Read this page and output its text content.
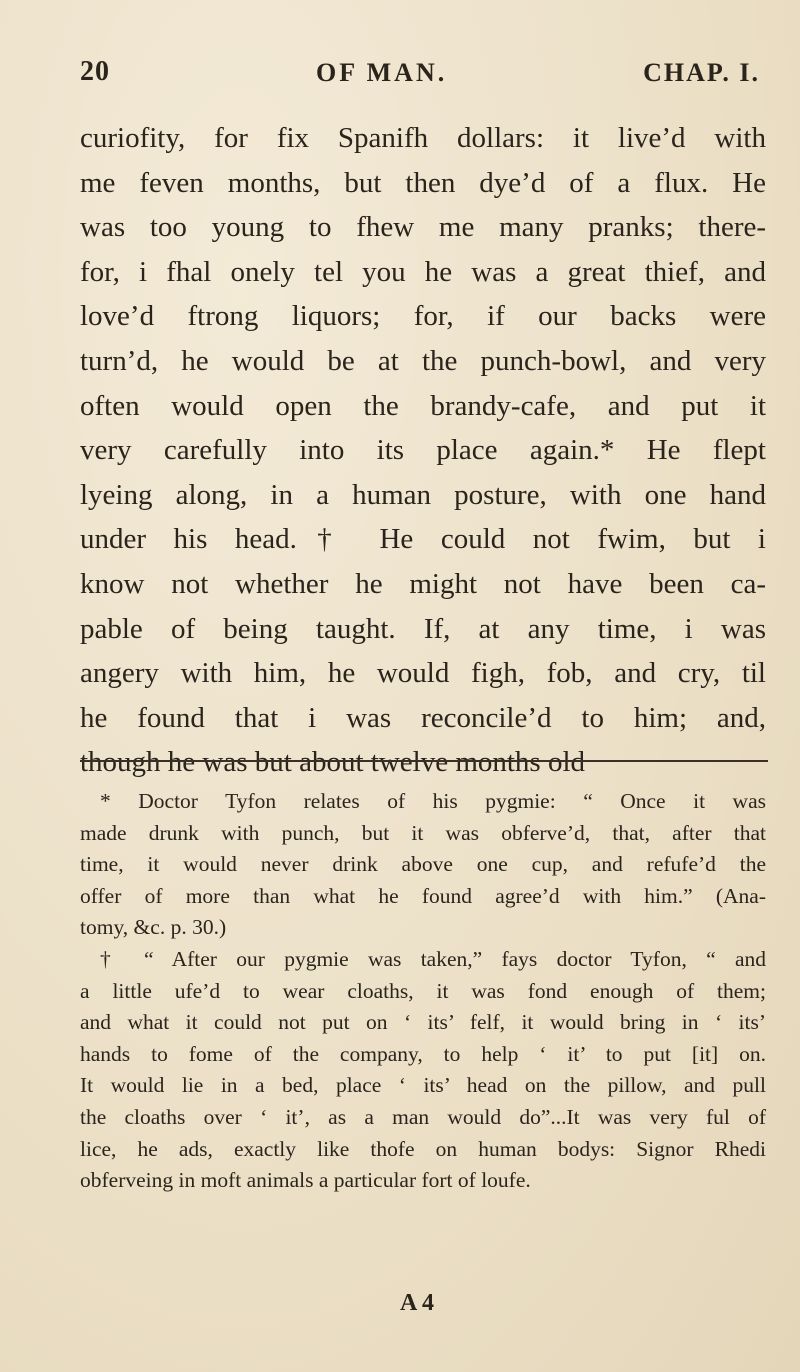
20	OF MAN.	CHAP. I.
curiofity, for fix Spanifh dollars: it live’d with
me feven months, but then dye’d of a flux. He
was too young to fhew me many pranks; there-
for, i fhal onely tel you he was a great thief, and
love’d ftrong liquors; for, if our backs were
turn’d, he would be at the punch-bowl, and very
often would open the brandy-cafe, and put it
very carefully into its place again.* He flept
lyeing along, in a human posture, with one hand
under his head.† He could not fwim, but i
know not whether he might not have been ca-
pable of being taught. If, at any time, i was
angery with him, he would figh, fob, and cry, til
he found that i was reconcile’d to him; and,
though he was but about twelve months old
* Doctor Tyfon relates of his pygmie: “ Once it was
made drunk with punch, but it was obferve’d, that, after that
time, it would never drink above one cup, and refufe’d the
offer of more than what he found agree’d with him.” (Ana-
tomy, &c. p. 30.)
† “ After our pygmie was taken,” fays doctor Tyfon, “ and
a little ufe’d to wear cloaths, it was fond enough of them;
and what it could not put on ‘ its’ felf, it would bring in ‘ its’
hands to fome of the company, to help ‘ it’ to put [it] on.
It would lie in a bed, place ‘ its’ head on the pillow, and pull
the cloaths over ‘ it’, as a man would do”...It was very ful of
lice, he ads, exactly like thofe on human bodys: Signor Rhedi
obferveing in moft animals a particular fort of loufe.
A 4
